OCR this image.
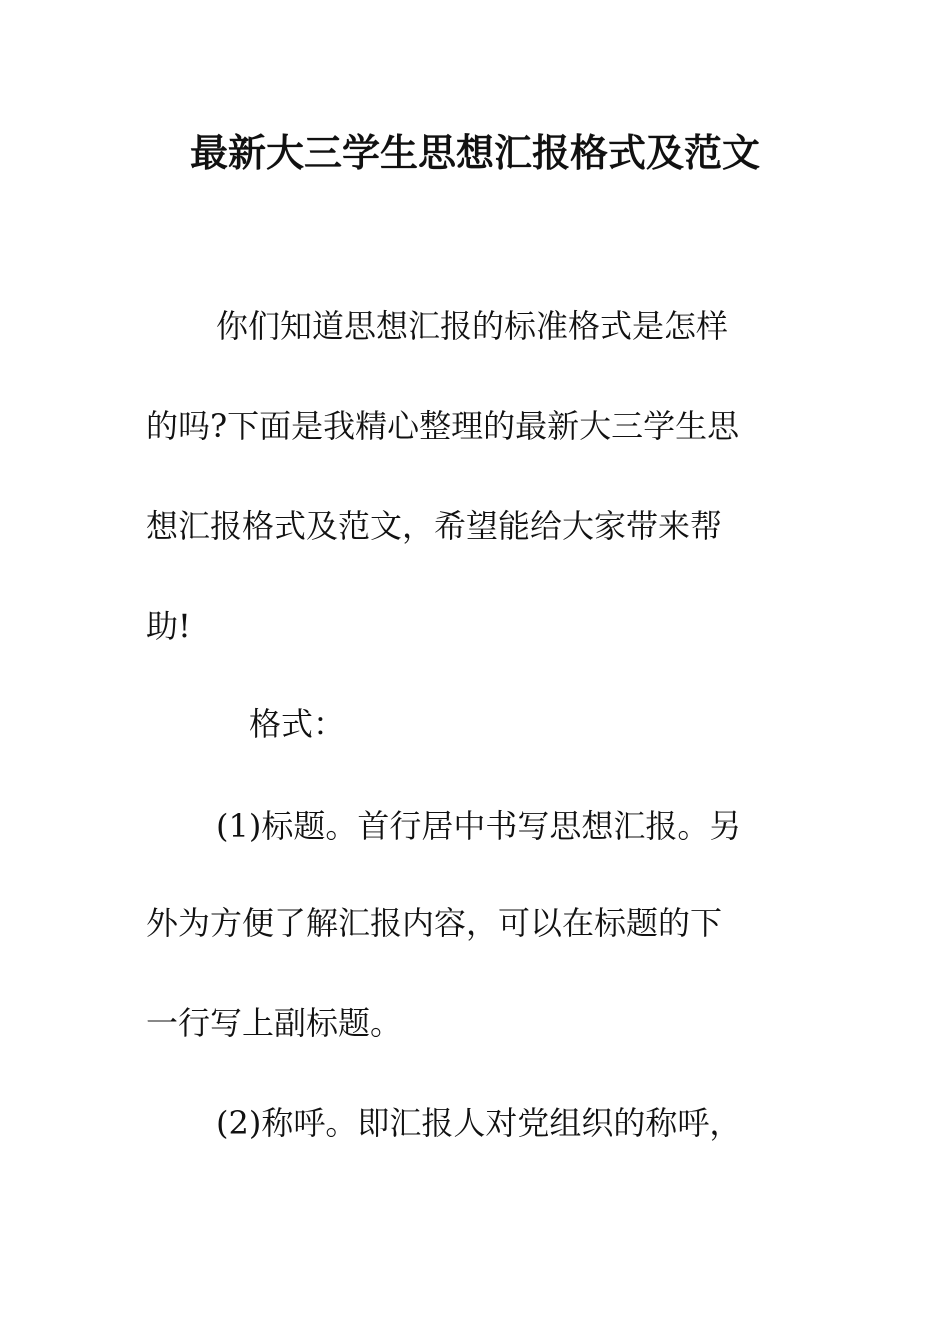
最新大三学生思想汇报格式及范文
你们知道思想汇报的标准格式是怎样
的吗?下面是我精心整理的最新大三学生思
想汇报格式及范文，希望能给大家带来帮
助!
格式：
(1)标题。首行居中书写思想汇报。另
外为方便了解汇报内容，可以在标题的下
一行写上副标题。
(2)称呼。即汇报人对党组织的称呼，
